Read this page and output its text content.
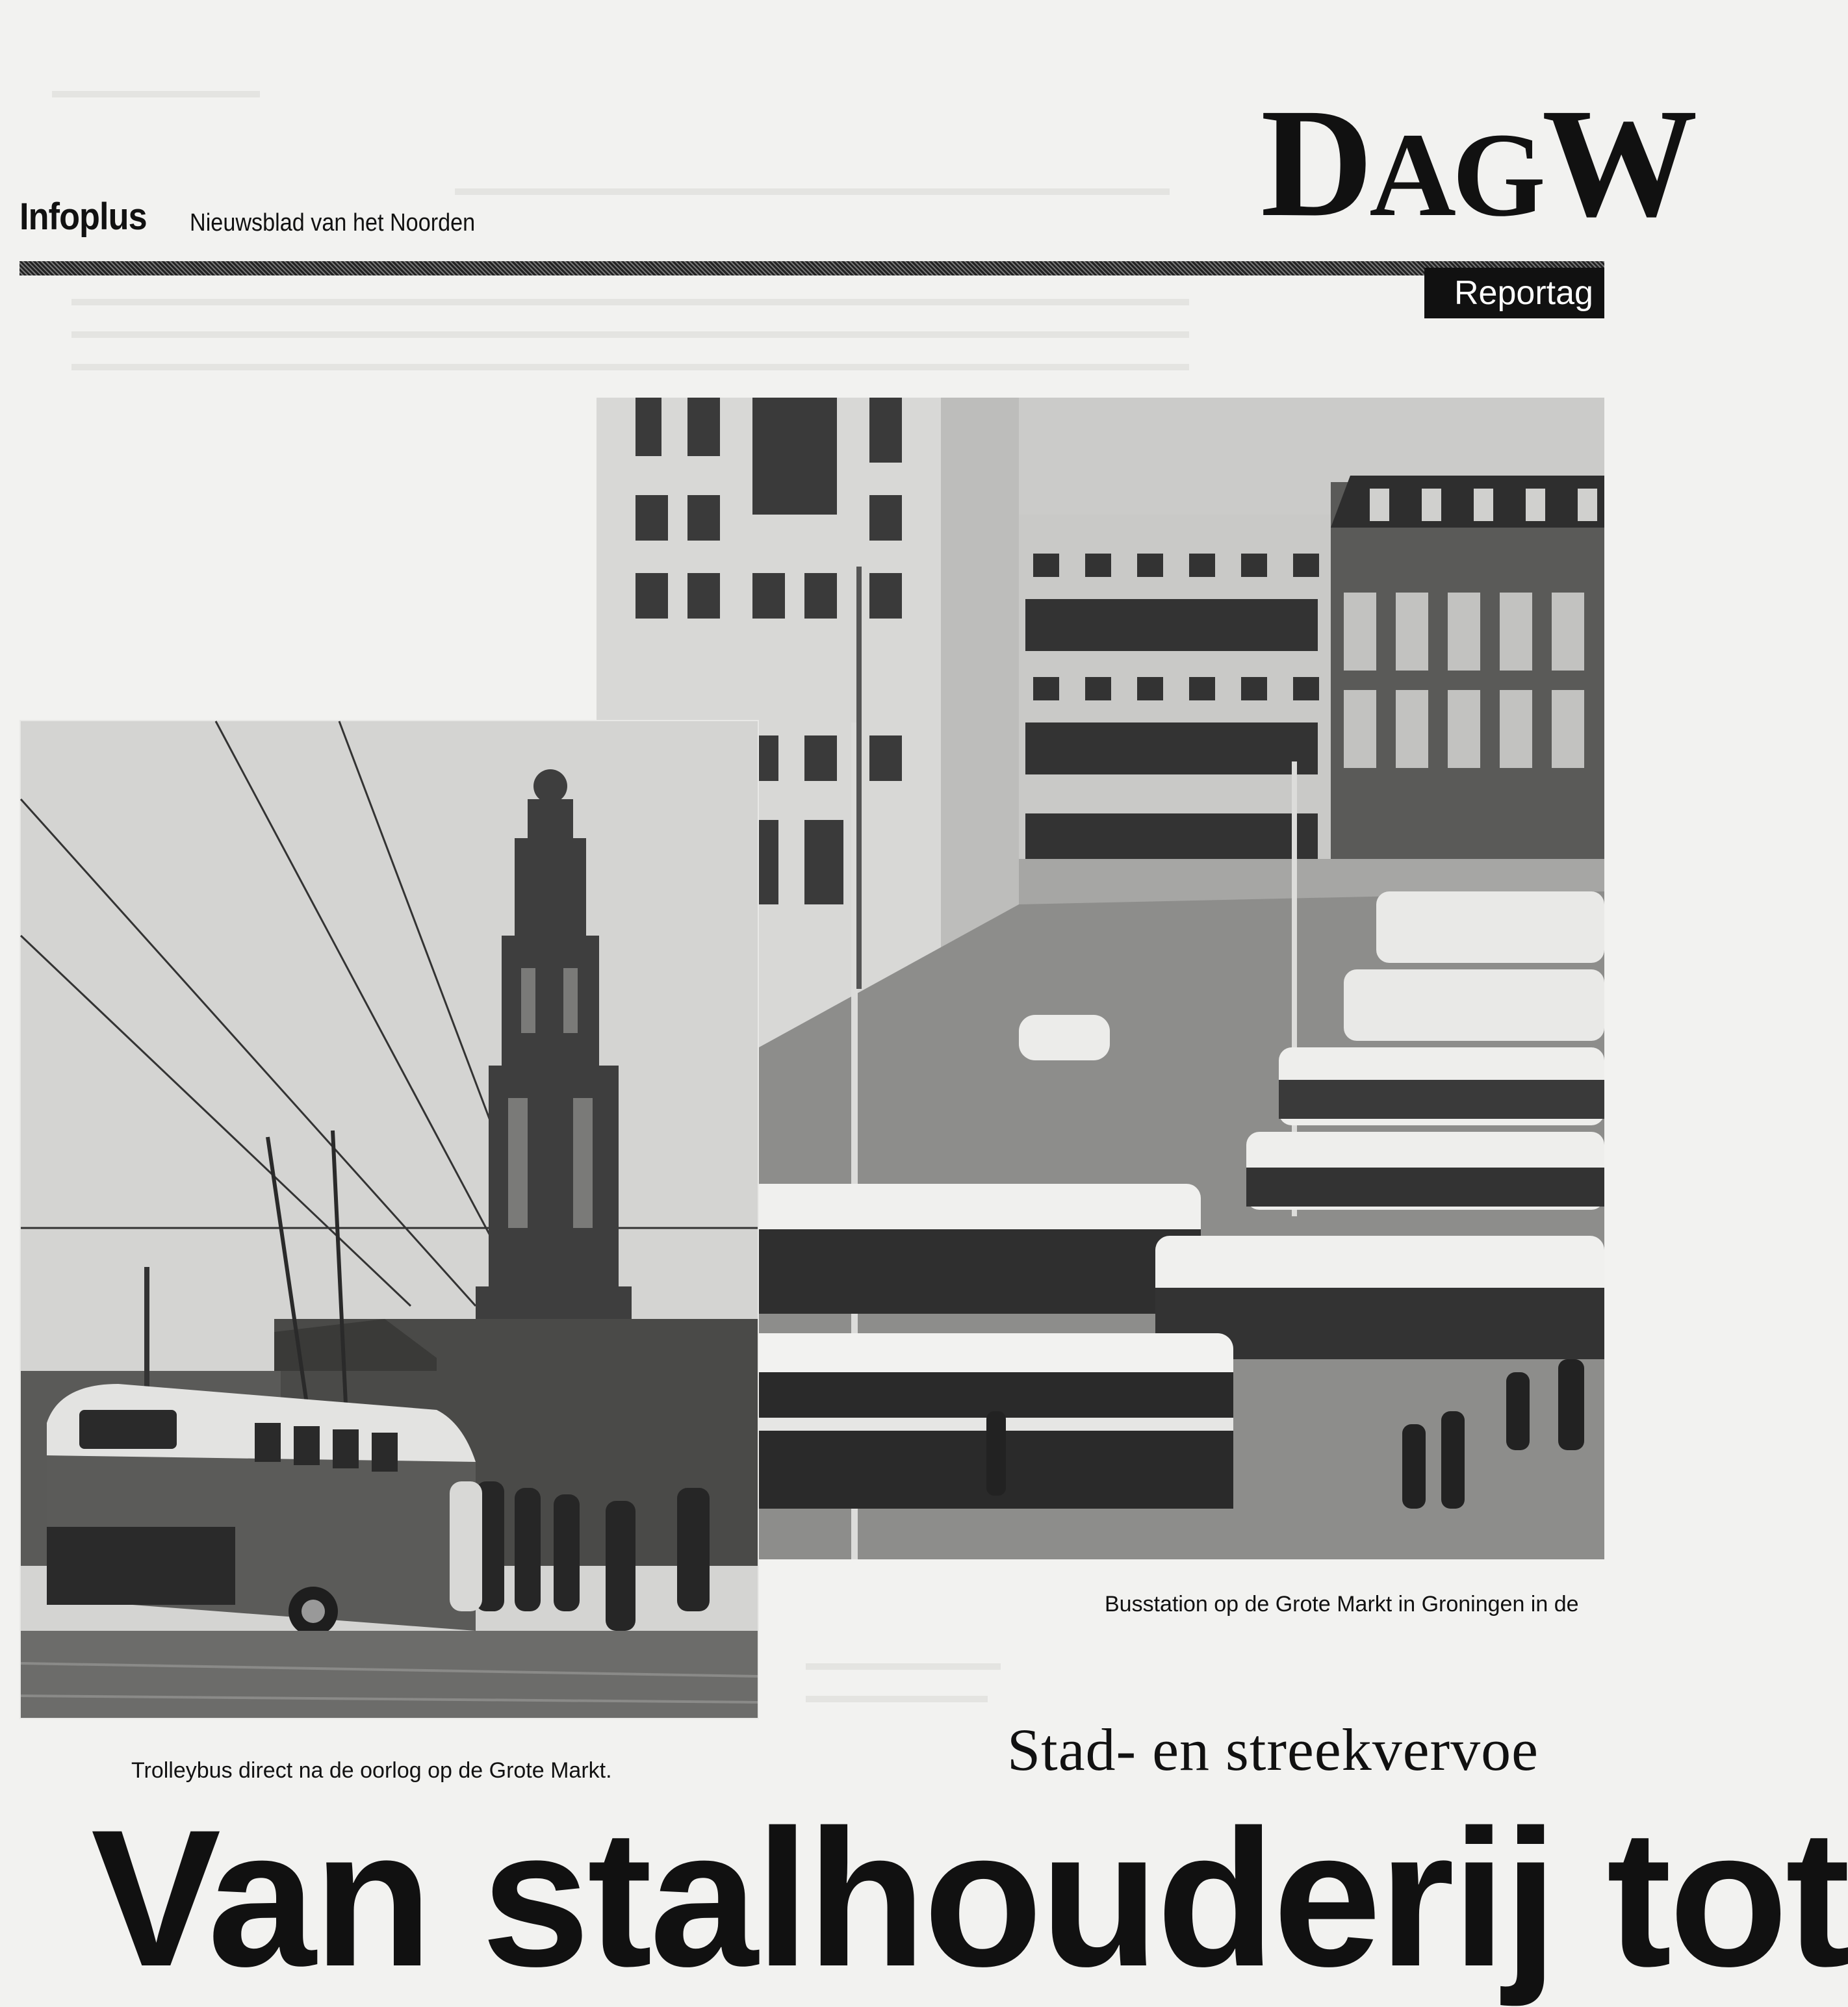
Infoplus Nieuwsblad van het Noorden	DAGW
Reportag
Busstation op de Grote Markt in Groningen in de
Trolleybus direct na de oorlog op de Grote Markt.	Stad- en streekvervoe
Van stalhouderij tot
